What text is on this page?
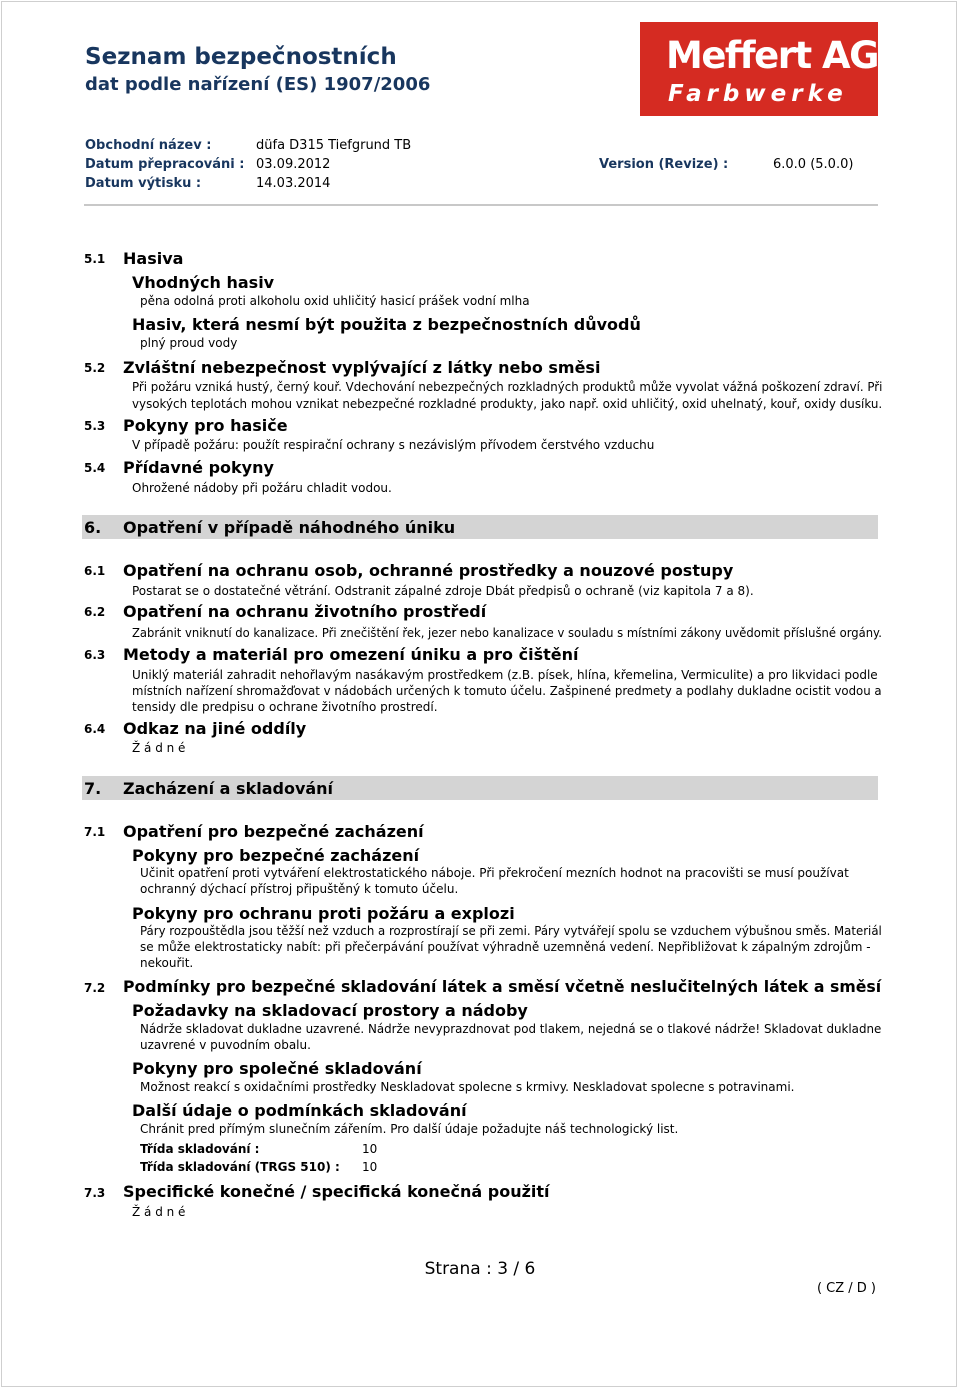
Seznam bezpečnostních
dat podle nařízení (ES) 1907/2006
Meffert AG
Farbwerke
Obchodní název :	düfa D315 Tiefgrund TB
Datum přepracováni : 03.09.2012	Version (Revize) :	6.0.0 (5.0.0)
Datum výtisku :	14.03.2014
5.1 Hasiva
Vhodných hasiv
pěna odolná proti alkoholu oxid uhličitý hasicí prášek vodní mlha
Hasiv, která nesmí být použita z bezpečnostních důvodů
plný proud vody
5.2 Zvláštní nebezpečnost vyplývající z látky nebo směsi
Při požáru vzniká hustý, černý kouř. Vdechování nebezpečných rozkladných produktů může vyvolat vážná poškození zdraví. Při
vysokých teplotách mohou vznikat nebezpečné rozkladné produkty, jako např. oxid uhličitý, oxid uhelnatý, kouř, oxidy dusíku.
5.3 Pokyny pro hasiče
V případě požáru: použít respirační ochrany s nezávislým přívodem čerstvého vzduchu
5.4 Přídavné pokyny
Ohrožené nádoby při požáru chladit vodou.
6. Opatření v případě náhodného úniku
6.1 Opatření na ochranu osob, ochranné prostředky a nouzové postupy
Postarat se o dostatečné větrání. Odstranit zápalné zdroje Dbát předpisů o ochraně (viz kapitola 7 a 8).
6.2 Opatření na ochranu životního prostředí
Zabránit vniknutí do kanalizace. Při znečištění řek, jezer nebo kanalizace v souladu s místními zákony uvědomit příslušné orgány.
6.3 Metody a materiál pro omezení úniku a pro čištění
Uniklý materiál zahradit nehořlavým nasákavým prostředkem (z.B. písek, hlína, křemelina, Vermiculite) a pro likvidaci podle
místních nařízení shromažďovat v nádobách určených k tomuto účelu. Zašpinené predmety a podlahy dukladne ocistit vodou a
tensidy dle predpisu o ochrane životního prostredí.
6.4 Odkaz na jiné oddíly
Ž á d n é
7. Zacházení a skladování
7.1 Opatření pro bezpečné zacházení
Pokyny pro bezpečné zacházení
Učinit opatření proti vytváření elektrostatického náboje. Při překročení mezních hodnot na pracovišti se musí používat
ochranný dýchací přístroj připuštěný k tomuto účelu.
Pokyny pro ochranu proti požáru a explozi
Páry rozpouštědla jsou těžší než vzduch a rozprostírají se při zemi. Páry vytvářejí spolu se vzduchem výbušnou směs. Materiál
se může elektrostaticky nabít: při přečerpávání používat výhradně uzemněná vedení. Nepřibližovat k zápalným zdrojům -
nekouřit.
7.2 Podmínky pro bezpečné skladování látek a směsí včetně neslučitelných látek a směsí
Požadavky na skladovací prostory a nádoby
Nádrže skladovat dukladne uzavrené. Nádrže nevyprazdnovat pod tlakem, nejedná se o tlakové nádrže! Skladovat dukladne
uzavrené v puvodním obalu.
Pokyny pro společné skladování
Možnost reakcí s oxidačními prostředky Neskladovat spolecne s krmivy. Neskladovat spolecne s potravinami.
Další údaje o podmínkách skladování
Chránit pred přímým slunečním zářením. Pro další údaje požadujte náš technologický list.
Třída skladování :	10
Třída skladování (TRGS 510) : 10
7.3 Specifické konečné / specifická konečná použití
Ž á d n é
Strana : 3 / 6
( CZ / D )
